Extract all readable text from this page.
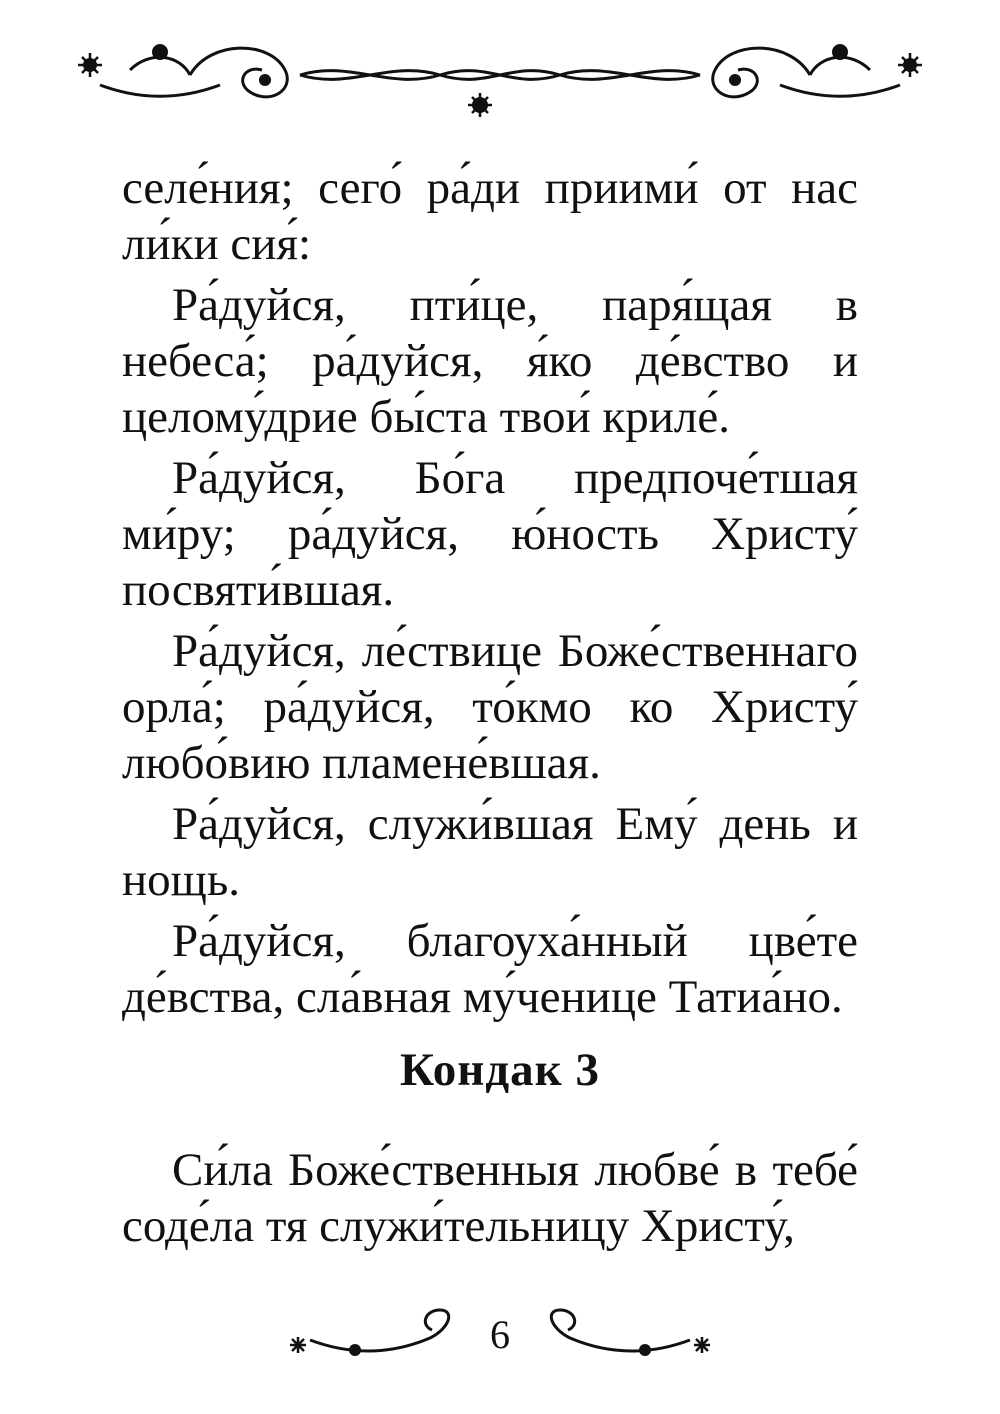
селе́ния; сего́ ра́ди приими́ от нас ли́ки сия́:

Ра́дуйся, пти́це, паря́щая в небеса́; ра́дуйся, я́ко де́вство и целому́дрие бы́ста твои́ криле́.

Ра́дуйся, Бо́га предпоче́тшая ми́ру; ра́дуйся, ю́ность Христу́ посвяти́вшая.

Ра́дуйся, ле́ствице Боже́ственнаго орла́; ра́дуйся, то́кмо ко Христу́ любо́вию пламене́вшая.

Ра́дуйся, служи́вшая Ему́ день и нощь.

Ра́дуйся, благоуха́нный цве́те де́вства, сла́вная му́ченице Татиа́но.

Кондак 3

Си́ла Боже́ственныя любве́ в тебе́ соде́ла тя служи́тельницу Христу́,

6
